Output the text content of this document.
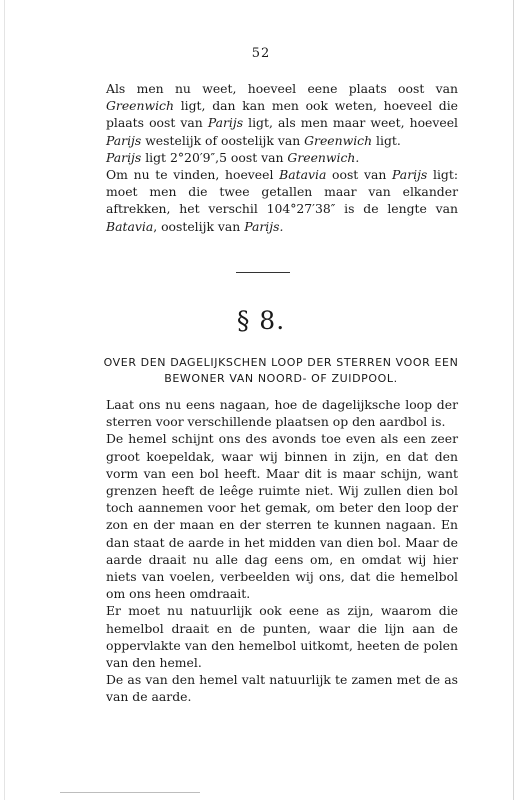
52

Als men nu weet, hoeveel eene plaats oost van Greenwich ligt, dan kan men ook weten, hoeveel die plaats oost van Parijs ligt, als men maar weet, hoeveel Parijs westelijk of oostelijk van Greenwich ligt.

Parijs ligt 2°20′9″,5 oost van Greenwich.

Om nu te vinden, hoeveel Batavia oost van Parijs ligt: moet men die twee getallen maar van elkander aftrekken, het verschil 104°27′38″ is de lengte van Batavia, oostelijk van Parijs.

§ 8.
OVER DEN DAGELIJKSCHEN LOOP DER STERREN VOOR EEN
BEWONER VAN NOORD- OF ZUIDPOOL.

Laat ons nu eens nagaan, hoe de dagelijksche loop der sterren voor verschillende plaatsen op den aardbol is.

De hemel schijnt ons des avonds toe even als een zeer groot koepeldak, waar wij binnen in zijn, en dat den vorm van een bol heeft. Maar dit is maar schijn, want grenzen heeft de leêge ruimte niet. Wij zullen dien bol toch aannemen voor het gemak, om beter den loop der zon en der maan en der sterren te kunnen nagaan. En dan staat de aarde in het midden van dien bol. Maar de aarde draait nu alle dag eens om, en omdat wij hier niets van voelen, verbeelden wij ons, dat die hemelbol om ons heen omdraait.

Er moet nu natuurlijk ook eene as zijn, waarom die hemelbol draait en de punten, waar die lijn aan de oppervlakte van den hemelbol uitkomt, heeten de polen van den hemel.

De as van den hemel valt natuurlijk te zamen met de as van de aarde.
